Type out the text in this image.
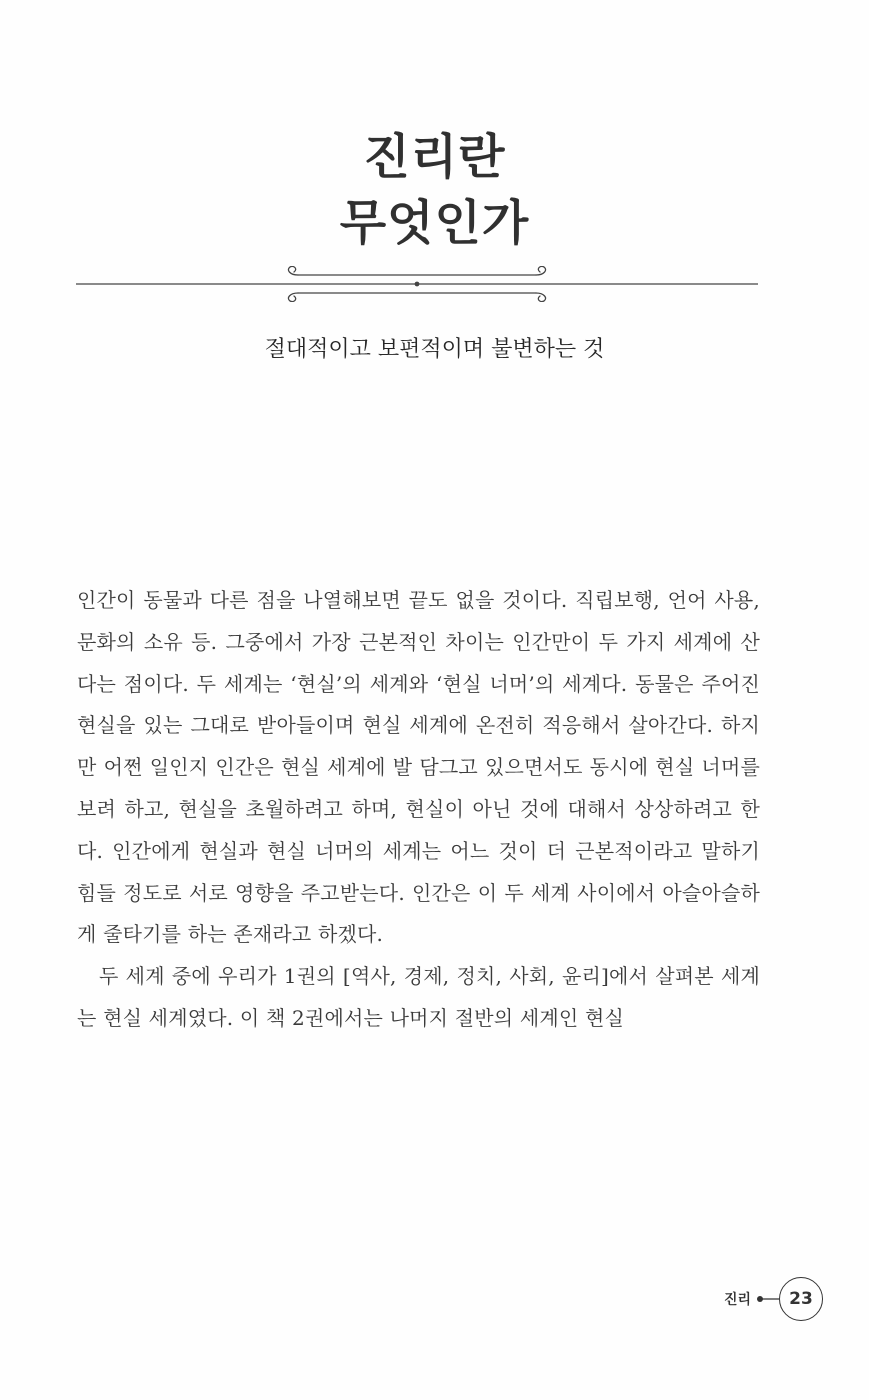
진리란
무엇인가
절대적이고 보편적이며 불변하는 것

인간이 동물과 다른 점을 나열해보면 끝도 없을 것이다. 직립보행, 언어 사용, 문화의 소유 등. 그중에서 가장 근본적인 차이는 인간만이 두 가지 세계에 산다는 점이다. 두 세계는 ‘현실’의 세계와 ‘현실 너머’의 세계다. 동물은 주어진 현실을 있는 그대로 받아들이며 현실 세계에 온전히 적응해서 살아간다. 하지만 어쩐 일인지 인간은 현실 세계에 발 담그고 있으면서도 동시에 현실 너머를 보려 하고, 현실을 초월하려고 하며, 현실이 아닌 것에 대해서 상상하려고 한다. 인간에게 현실과 현실 너머의 세계는 어느 것이 더 근본적이라고 말하기 힘들 정도로 서로 영향을 주고받는다. 인간은 이 두 세계 사이에서 아슬아슬하게 줄타기를 하는 존재라고 하겠다.

두 세계 중에 우리가 1권의 [역사, 경제, 정치, 사회, 윤리]에서 살펴본 세계는 현실 세계였다. 이 책 2권에서는 나머지 절반의 세계인 현실

진리	23
